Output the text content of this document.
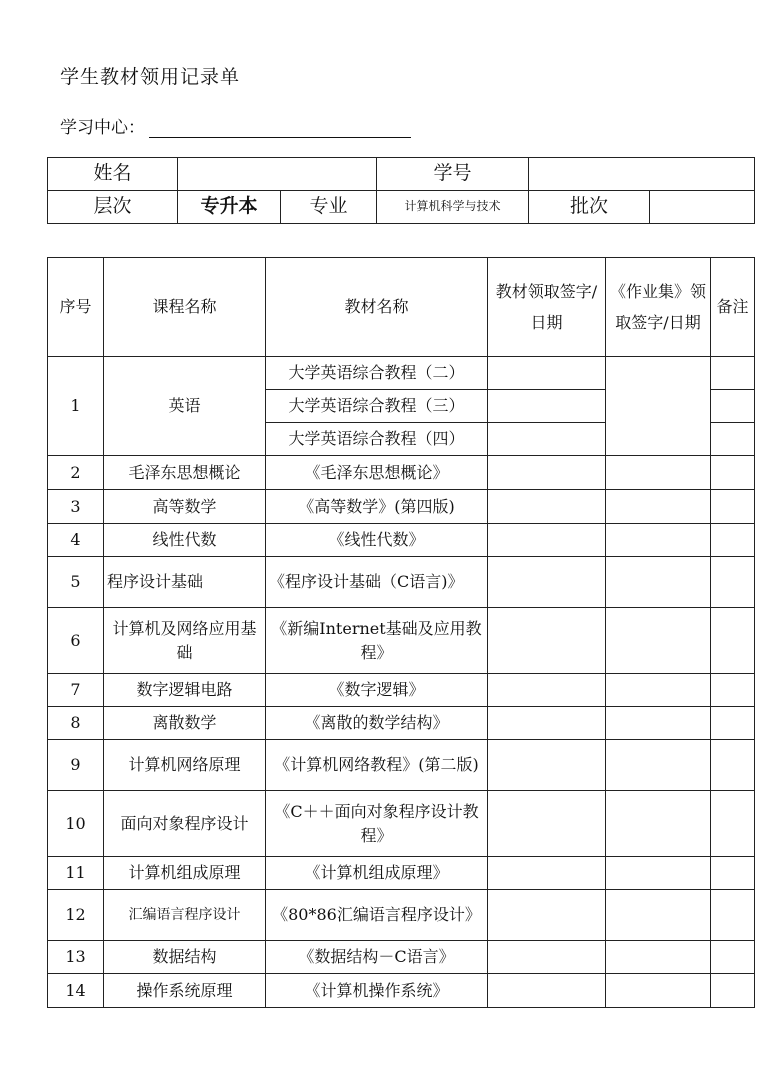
学生教材领用记录单
学习中心：
姓名			学号		
层次	专升本	专业	计算机科学与技术	批次	
序号	课程名称	教材名称	教材领取签字/日期	《作业集》领取签字/日期	备注
1	英语	大学英语综合教程（二）			
		大学英语综合教程（三）			
		大学英语综合教程（四）			
2	毛泽东思想概论	《毛泽东思想概论》			
3	高等数学	《高等数学》(第四版)			
4	线性代数	《线性代数》			
5	程序设计基础	《程序设计基础（C语言)》			
6	计算机及网络应用基础	《新编Internet基础及应用教程》			
7	数字逻辑电路	《数字逻辑》			
8	离散数学	《离散的数学结构》			
9	计算机网络原理	《计算机网络教程》(第二版)			
10	面向对象程序设计	《C＋＋面向对象程序设计教程》			
11	计算机组成原理	《计算机组成原理》			
12	汇编语言程序设计	《80*86汇编语言程序设计》			
13	数据结构	《数据结构－C语言》			
14	操作系统原理	《计算机操作系统》			
